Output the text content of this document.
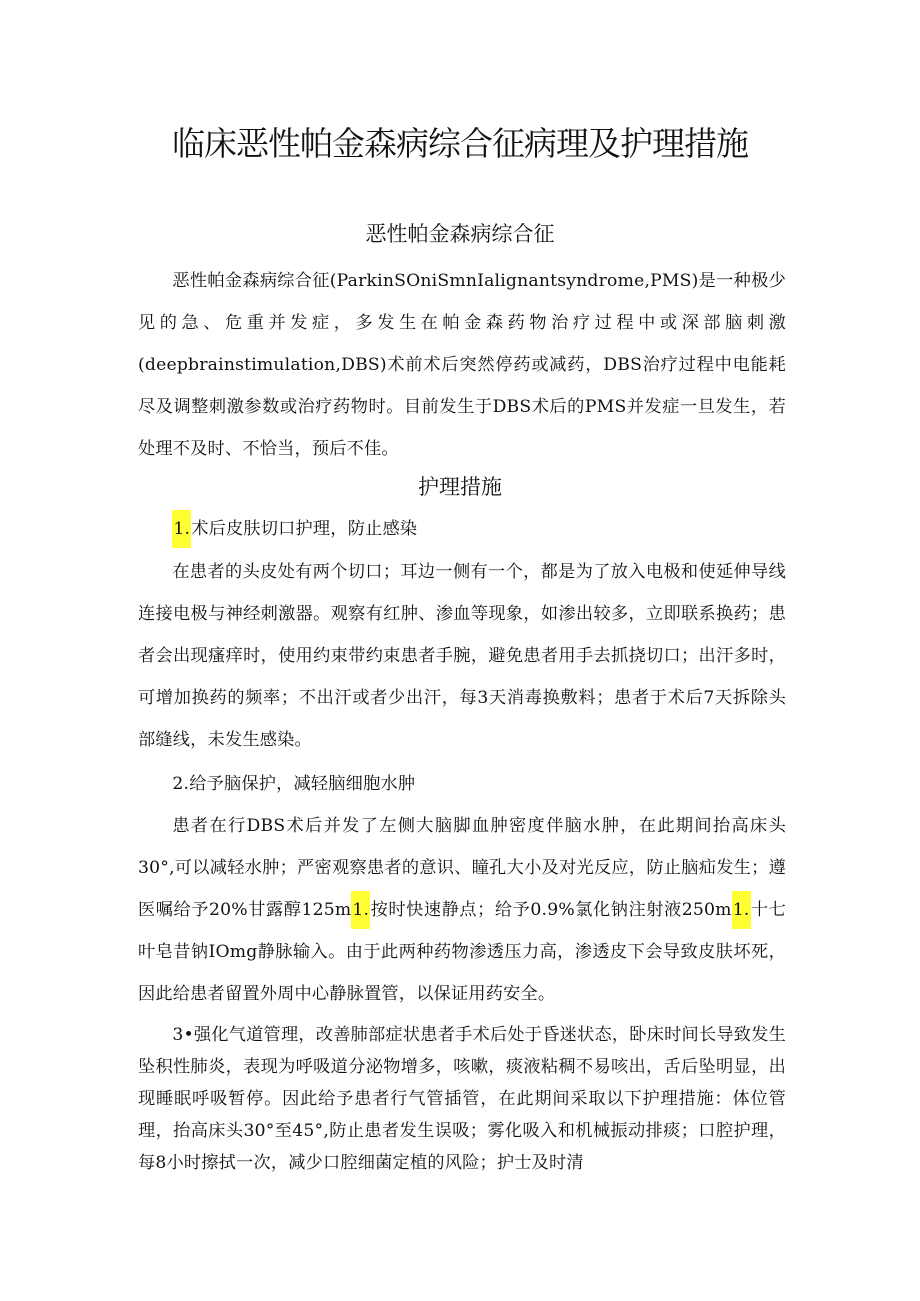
临床恶性帕金森病综合征病理及护理措施
恶性帕金森病综合征

恶性帕金森病综合征(ParkinSOniSmnIalignantsyndrome,PMS)是一种极少见的急、危重并发症，多发生在帕金森药物治疗过程中或深部脑刺激(deepbrainstimulation,DBS)术前术后突然停药或减药，DBS治疗过程中电能耗尽及调整刺激参数或治疗药物时。目前发生于DBS术后的PMS并发症一旦发生，若处理不及时、不恰当，预后不佳。

护理措施

1.术后皮肤切口护理，防止感染

在患者的头皮处有两个切口；耳边一侧有一个，都是为了放入电极和使延伸导线连接电极与神经刺激器。观察有红肿、渗血等现象，如渗出较多，立即联系换药；患者会出现瘙痒时，使用约束带约束患者手腕，避免患者用手去抓挠切口；出汗多时，可增加换药的频率；不出汗或者少出汗，每3天消毒换敷料；患者于术后7天拆除头部缝线，未发生感染。

2.给予脑保护，减轻脑细胞水肿

患者在行DBS术后并发了左侧大脑脚血肿密度伴脑水肿，在此期间抬高床头30°,可以减轻水肿；严密观察患者的意识、瞳孔大小及对光反应，防止脑疝发生；遵医嘱给予20%甘露醇125m1.按时快速静点；给予0.9%氯化钠注射液250m1.十七叶皂昔钠IOmg静脉输入。由于此两种药物渗透压力高，渗透皮下会导致皮肤坏死，因此给患者留置外周中心静脉置管，以保证用药安全。

3•强化气道管理，改善肺部症状患者手术后处于昏迷状态，卧床时间长导致发生坠积性肺炎，表现为呼吸道分泌物增多，咳嗽，痰液粘稠不易咳出，舌后坠明显，出现睡眠呼吸暂停。因此给予患者行气管插管，在此期间采取以下护理措施：体位管理，抬高床头30°至45°,防止患者发生误吸；雾化吸入和机械振动排痰；口腔护理，每8小时擦拭一次，减少口腔细菌定植的风险；护士及时清
